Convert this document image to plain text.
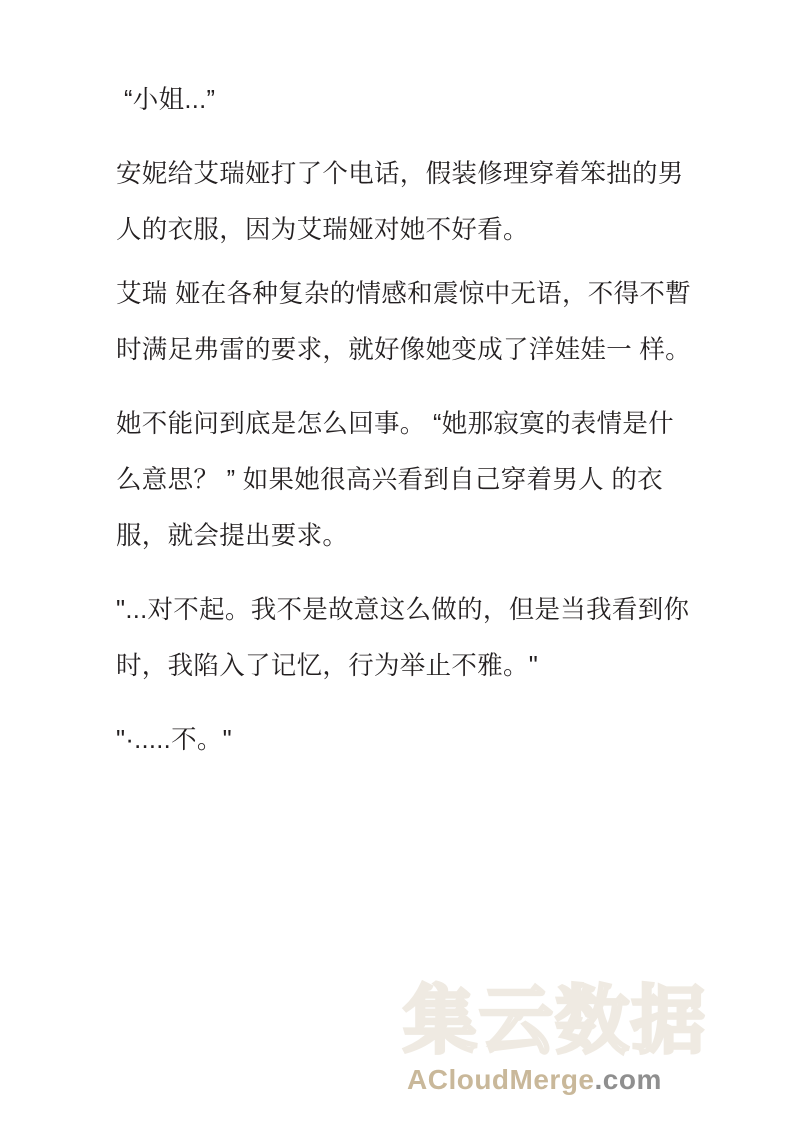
“小姐...”

安妮给艾瑞娅打了个电话，假装修理穿着笨拙的男人的衣服，因为艾瑞娅对她不好看。

艾瑞 娅在各种复杂的情感和震惊中无语，不得不暫时满足弗雷的要求，就好像她变成了洋娃娃一 样。

她不能问到底是怎么回事。 “她那寂寞的表情是什么意思？ ” 如果她很高兴看到自己穿着男人 的衣服，就会提出要求。

"...对不起。我不是故意这么做的，但是当我看到你时，我陷入了记忆，行为举止不雅。"

"·.....不。"

集云数据
ACloudMerge.com
